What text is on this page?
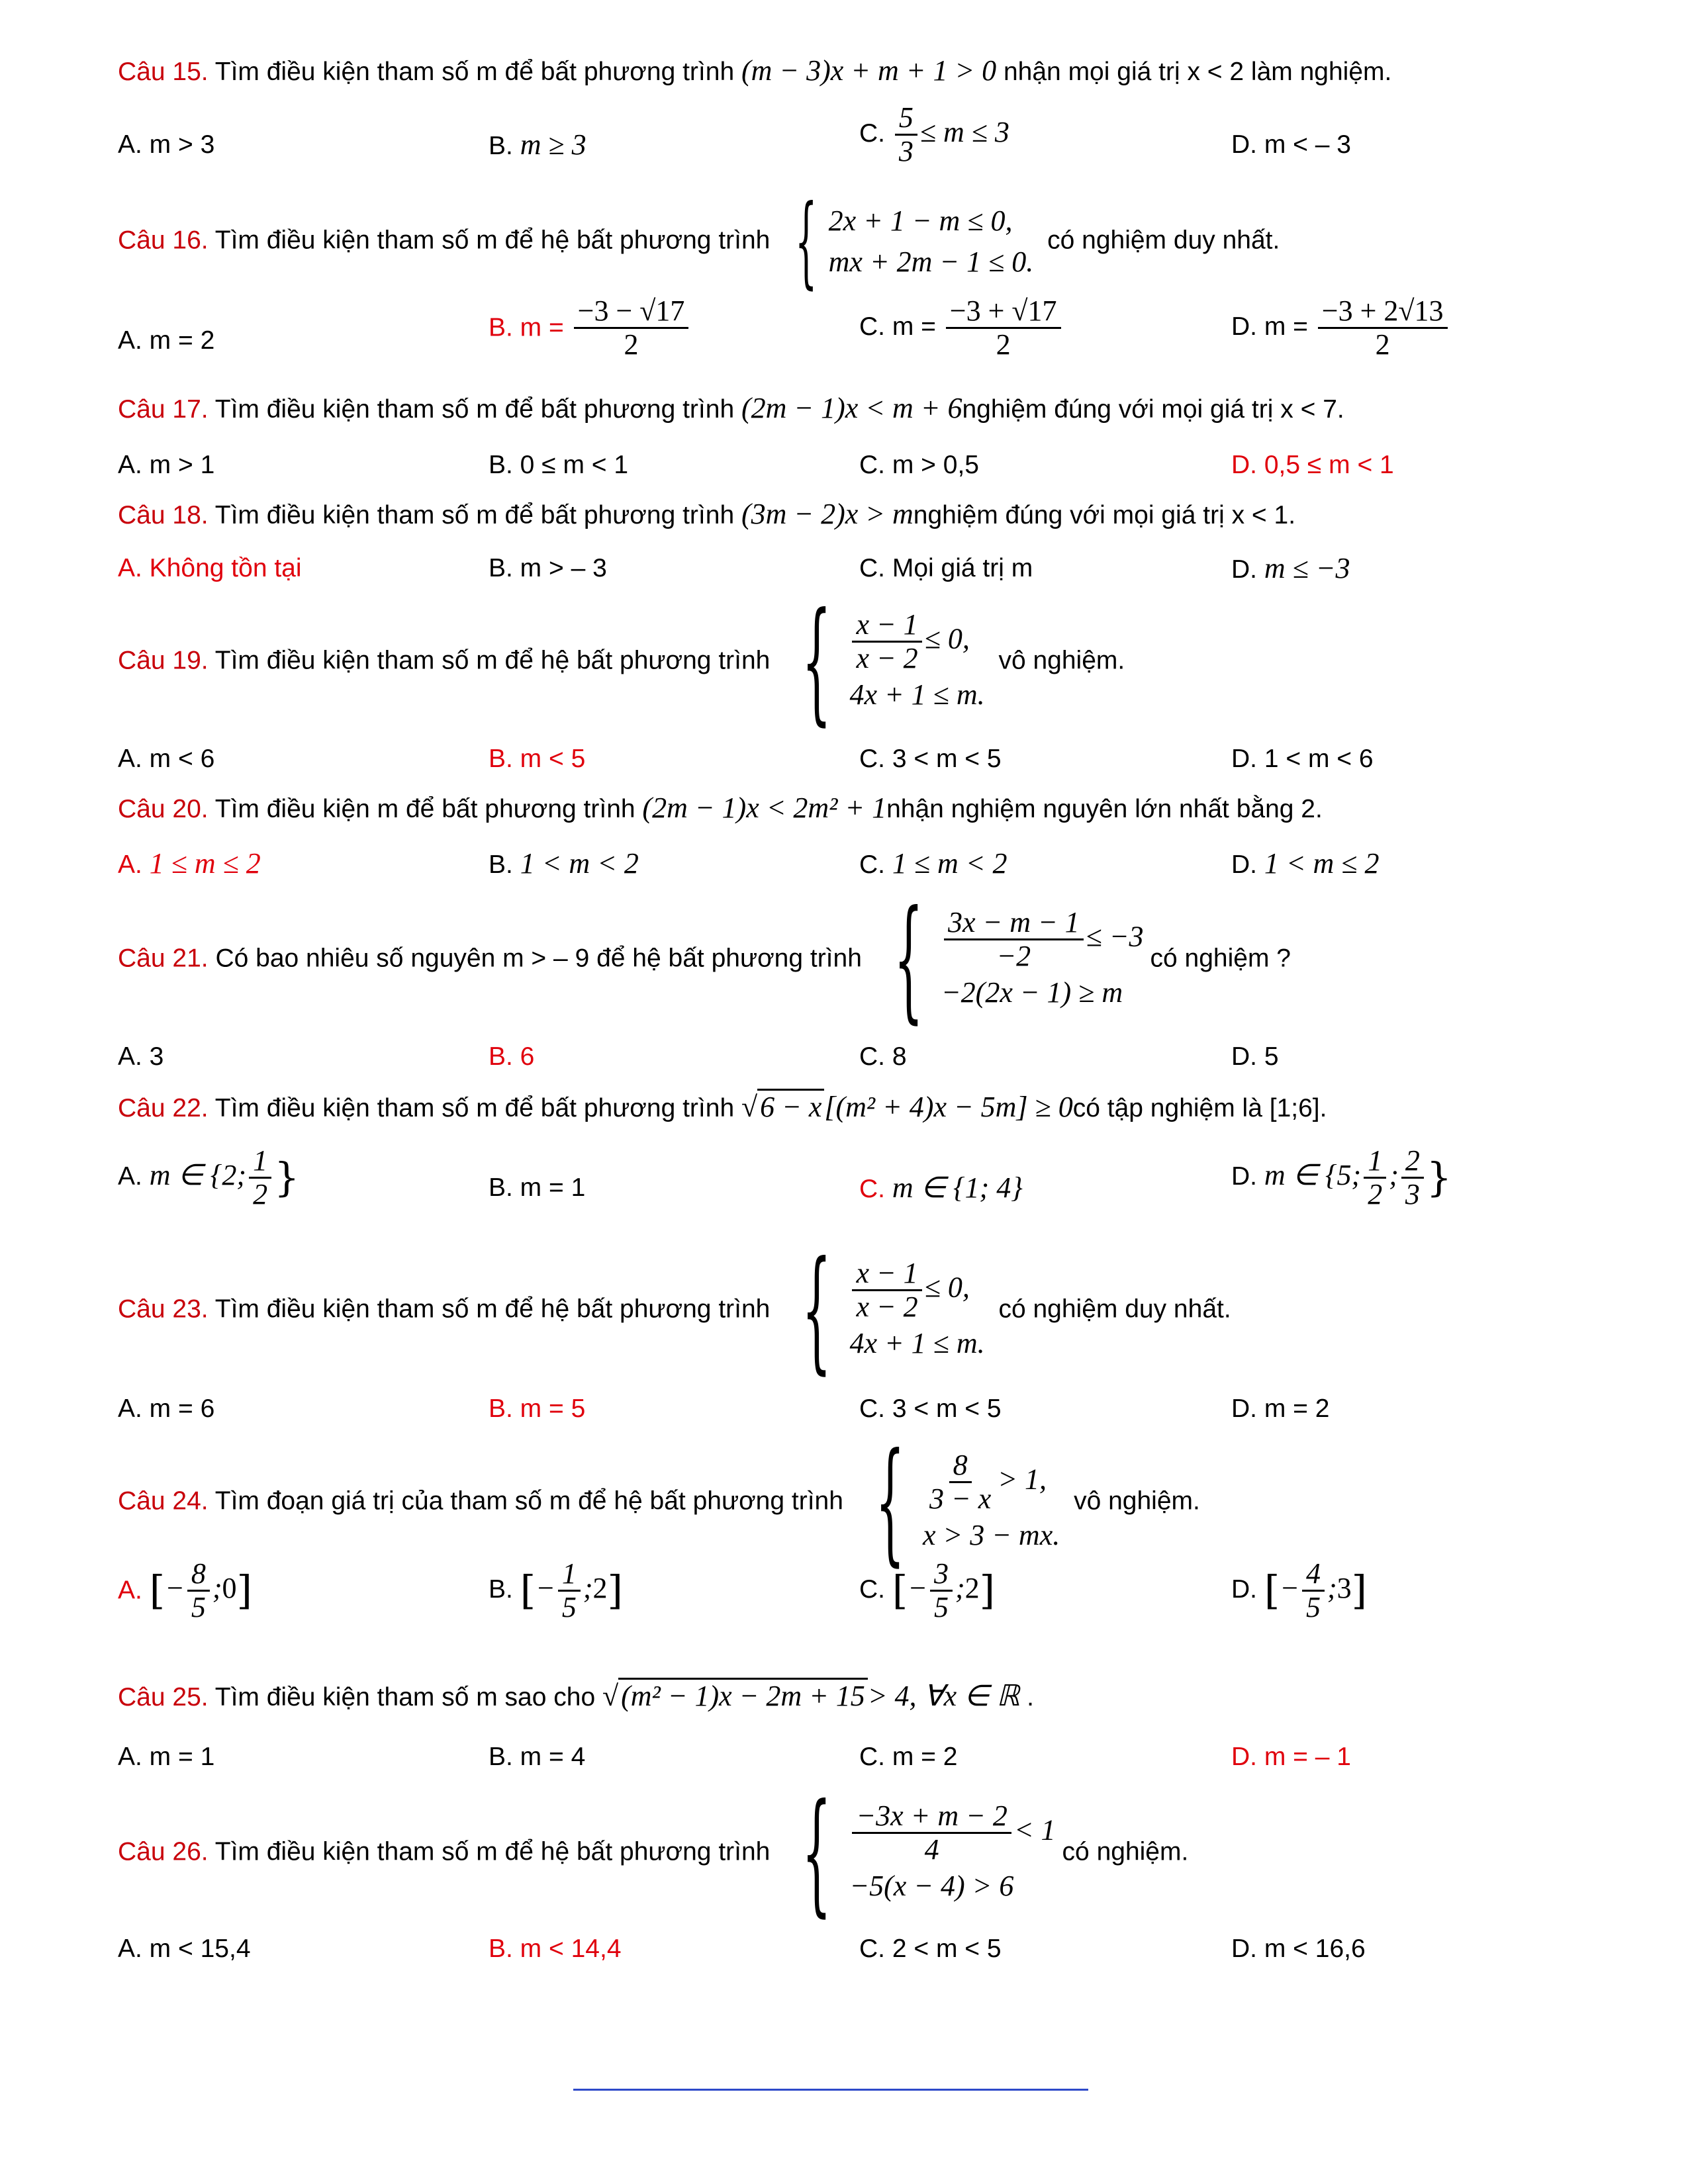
Câu 15. Tìm điều kiện tham số m để bất phương trình (m − 3)x + m + 1 > 0 nhận mọi giá trị x < 2 làm nghiệm.
A. m > 3	B. m ≥ 3	C. $\frac{5}{3} \le m \le 3$	D. m < – 3
Câu 16. Tìm điều kiện tham số m để hệ bất phương trình { 2x + 1 − m ≤ 0,
mx + 2m − 1 ≤ 0.
có nghiệm duy nhất.
A. m = 2	B. $m = \frac{-3 - √17}{2}$	C. $m = \frac{-3 + √17}{2}$	D. $m = \frac{-3 + 2√13}{2}$
Câu 17. Tìm điều kiện tham số m để bất phương trình (2m − 1)x < m + 6nghiệm đúng với mọi giá trị x < 7.
A. m > 1	B. 0 ≤ m < 1	C. m > 0,5	D. 0,5 ≤ m < 1
Câu 18. Tìm điều kiện tham số m để bất phương trình (3m − 2)x > mnghiệm đúng với mọi giá trị x < 1.
A. Không tồn tại	B. m > – 3	C. Mọi giá trị m	D. m ≤ −3
Câu 19. Tìm điều kiện tham số m để hệ bất phương trình { $\frac{x - 1}{x - 2} \le 0$,
4x + 1 ≤ m.
vô nghiệm.
A. m < 6	B. m < 5	C. 3 < m < 5	D. 1 < m < 6
Câu 20. Tìm điều kiện m để bất phương trình (2m − 1)x < 2m² + 1nhận nghiệm nguyên lớn nhất bằng 2.
A. 1 ≤ m ≤ 2	B. 1 < m < 2	C. 1 ≤ m < 2	D. 1 < m ≤ 2
Câu 21. Có bao nhiêu số nguyên m > – 9 để hệ bất phương trình { $\frac{3x - m - 1}{-2} \le -3$
−2(2x − 1) ≥ m
có nghiệm ?
A. 3	B. 6	C. 8	D. 5
Câu 22. Tìm điều kiện tham số m để bất phương trình √6 − x[(m² + 4)x − 5m] ≥ 0có tập nghiệm là [1;6].
A. m ∈ {2; $\frac{1}{2}$ }	B. m = 1	C. m ∈ {1; 4}	D. m ∈ {5; $\frac{1}{2}$ ; $\frac{2}{3}$ }
Câu 23. Tìm điều kiện tham số m để hệ bất phương trình { $\frac{x - 1}{x - 2} \le 0$,
4x + 1 ≤ m.
có nghiệm duy nhất.
A. m = 6	B. m = 5	C. 3 < m < 5	D. m = 2
Câu 24. Tìm đoạn giá trị của tham số m để hệ bất phương trình { $\frac{8}{3 - x} > 1$,
x > 3 − mx.
vô nghiệm.
A. [− $\frac{8}{5}$ ;0]	B. [− $\frac{1}{5}$ ;2]	C. [− $\frac{3}{5}$ ;2]	D. [− $\frac{4}{5}$ ;3]
Câu 25. Tìm điều kiện tham số m sao cho √(m² − 1)x − 2m + 15> 4, ∀x ∈ ℝ .
A. m = 1	B. m = 4	C. m = 2	D. m = – 1
Câu 26. Tìm điều kiện tham số m để hệ bất phương trình { $\frac{-3x + m - 2}{4} < 1$
−5(x − 4) > 6
có nghiệm.
A. m < 15,4	B. m < 14,4	C. 2 < m < 5	D. m < 16,6
